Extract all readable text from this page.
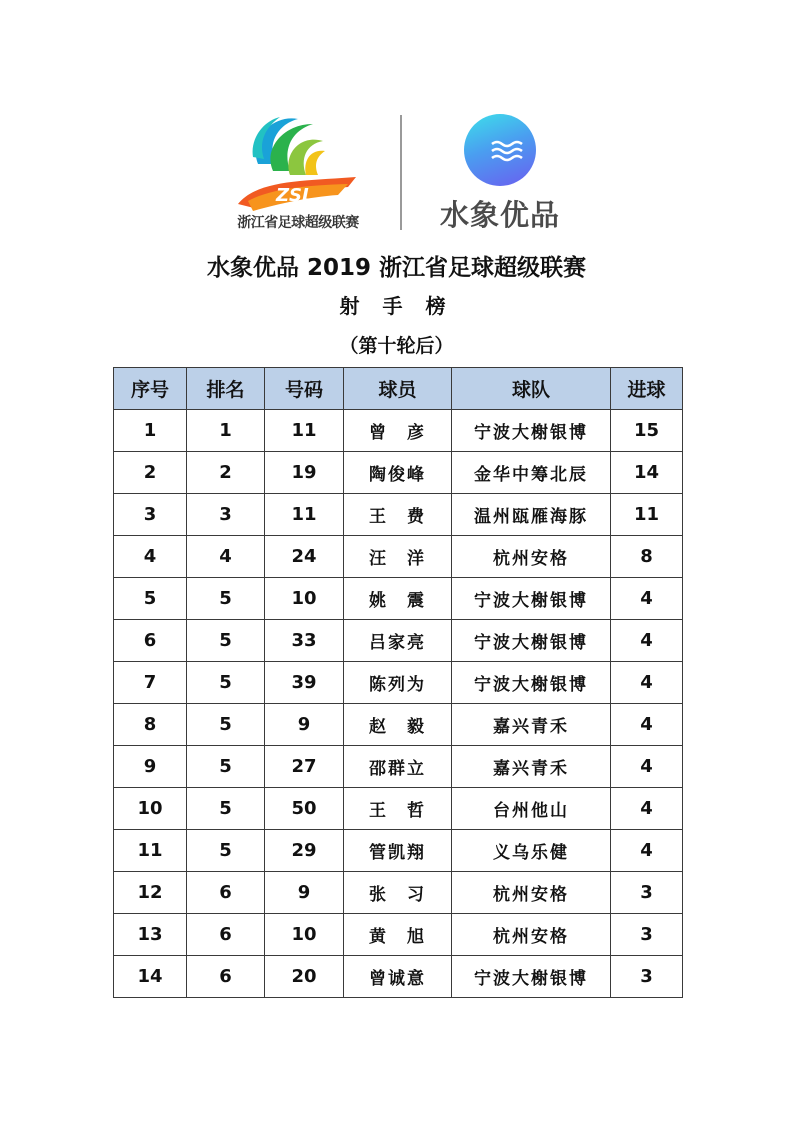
ZSL
浙江省足球超级联赛	水象优品
水象优品 2019 浙江省足球超级联赛
射 手 榜
（第十轮后）
序号	排名	号码	球员	球队	进球
1	1	11	曾　彦	宁波大榭银博	15
2	2	19	陶俊峰	金华中筹北辰	14
3	3	11	王　费	温州瓯雁海豚	11
4	4	24	汪　洋	杭州安格	8
5	5	10	姚　震	宁波大榭银博	4
6	5	33	吕家亮	宁波大榭银博	4
7	5	39	陈列为	宁波大榭银博	4
8	5	9	赵　毅	嘉兴青禾	4
9	5	27	邵群立	嘉兴青禾	4
10	5	50	王　哲	台州他山	4
11	5	29	管凯翔	义乌乐健	4
12	6	9	张　习	杭州安格	3
13	6	10	黄　旭	杭州安格	3
14	6	20	曾诚意	宁波大榭银博	3
